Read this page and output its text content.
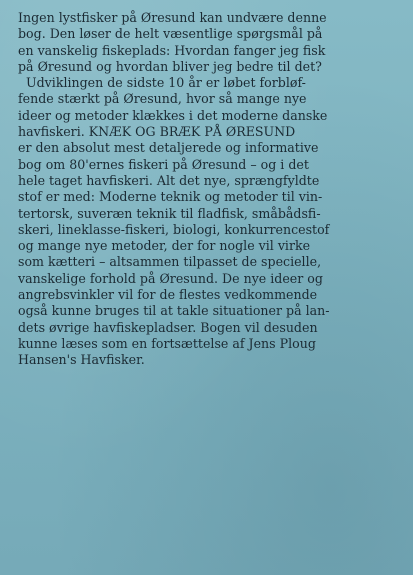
Ingen lystfisker på Øresund kan undvære denne
bog. Den løser de helt væsentlige spørgsmål på
en vanskelig fiskeplads: Hvordan fanger jeg fisk
på Øresund og hvordan bliver jeg bedre til det?
Udviklingen de sidste 10 år er løbet forbløf-
fende stærkt på Øresund, hvor så mange nye
ideer og metoder klækkes i det moderne danske
havfiskeri. KNÆK OG BRÆK PÅ ØRESUND
er den absolut mest detaljerede og informative
bog om 80'ernes fiskeri på Øresund – og i det
hele taget havfiskeri. Alt det nye, sprængfyldte
stof er med: Moderne teknik og metoder til vin-
tertorsk, suveræn teknik til fladfisk, småbådsfi-
skeri, lineklasse-fiskeri, biologi, konkurrencestof
og mange nye metoder, der for nogle vil virke
som kætteri – altsammen tilpasset de specielle,
vanskelige forhold på Øresund. De nye ideer og
angrebsvinkler vil for de flestes vedkommende
også kunne bruges til at takle situationer på lan-
dets øvrige havfiskepladser. Bogen vil desuden
kunne læses som en fortsættelse af Jens Ploug
Hansen's Havfisker.
